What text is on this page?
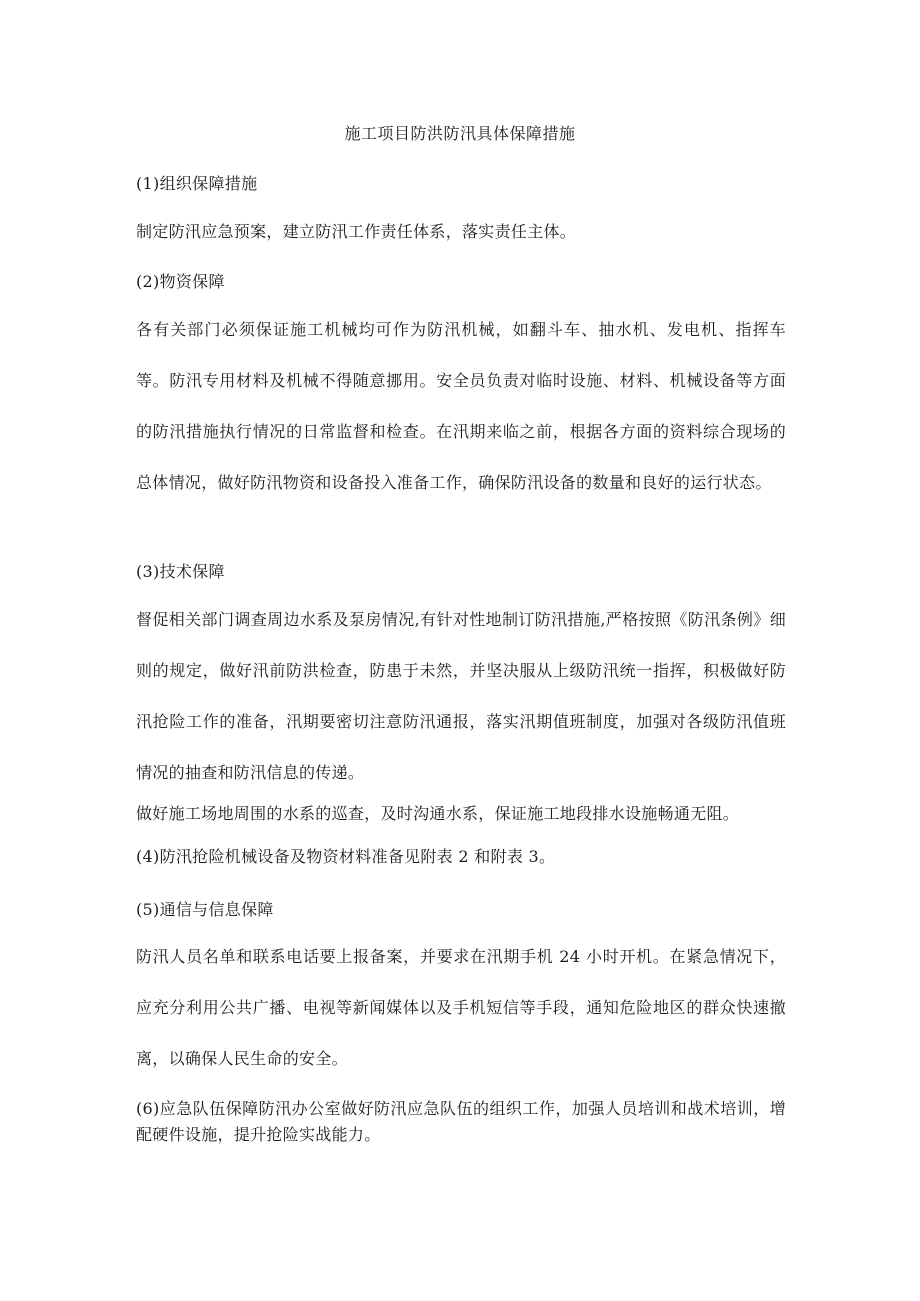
施工项目防洪防汛具体保障措施
(1)组织保障措施

制定防汛应急预案，建立防汛工作责任体系，落实责任主体。

(2)物资保障

各有关部门必须保证施工机械均可作为防汛机械，如翻斗车、抽水机、发电机、指挥车等。防汛专用材料及机械不得随意挪用。安全员负责对临时设施、材料、机械设备等方面的防汛措施执行情况的日常监督和检查。在汛期来临之前，根据各方面的资料综合现场的总体情况，做好防汛物资和设备投入准备工作，确保防汛设备的数量和良好的运行状态。

(3)技术保障

督促相关部门调查周边水系及泵房情况,有针对性地制订防汛措施,严格按照《防汛条例》细则的规定，做好汛前防洪检查，防患于未然，并坚决服从上级防汛统一指挥，积极做好防汛抢险工作的准备，汛期要密切注意防汛通报，落实汛期值班制度，加强对各级防汛值班情况的抽查和防汛信息的传递。

做好施工场地周围的水系的巡查，及时沟通水系，保证施工地段排水设施畅通无阻。

(4)防汛抢险机械设备及物资材料准备见附表 2 和附表 3。
(5)通信与信息保障

防汛人员名单和联系电话要上报备案，并要求在汛期手机 24 小时开机。在紧急情况下，应充分利用公共广播、电视等新闻媒体以及手机短信等手段，通知危险地区的群众快速撤离，以确保人民生命的安全。

(6)应急队伍保障防汛办公室做好防汛应急队伍的组织工作，加强人员培训和战术培训，增配硬件设施，提升抢险实战能力。
